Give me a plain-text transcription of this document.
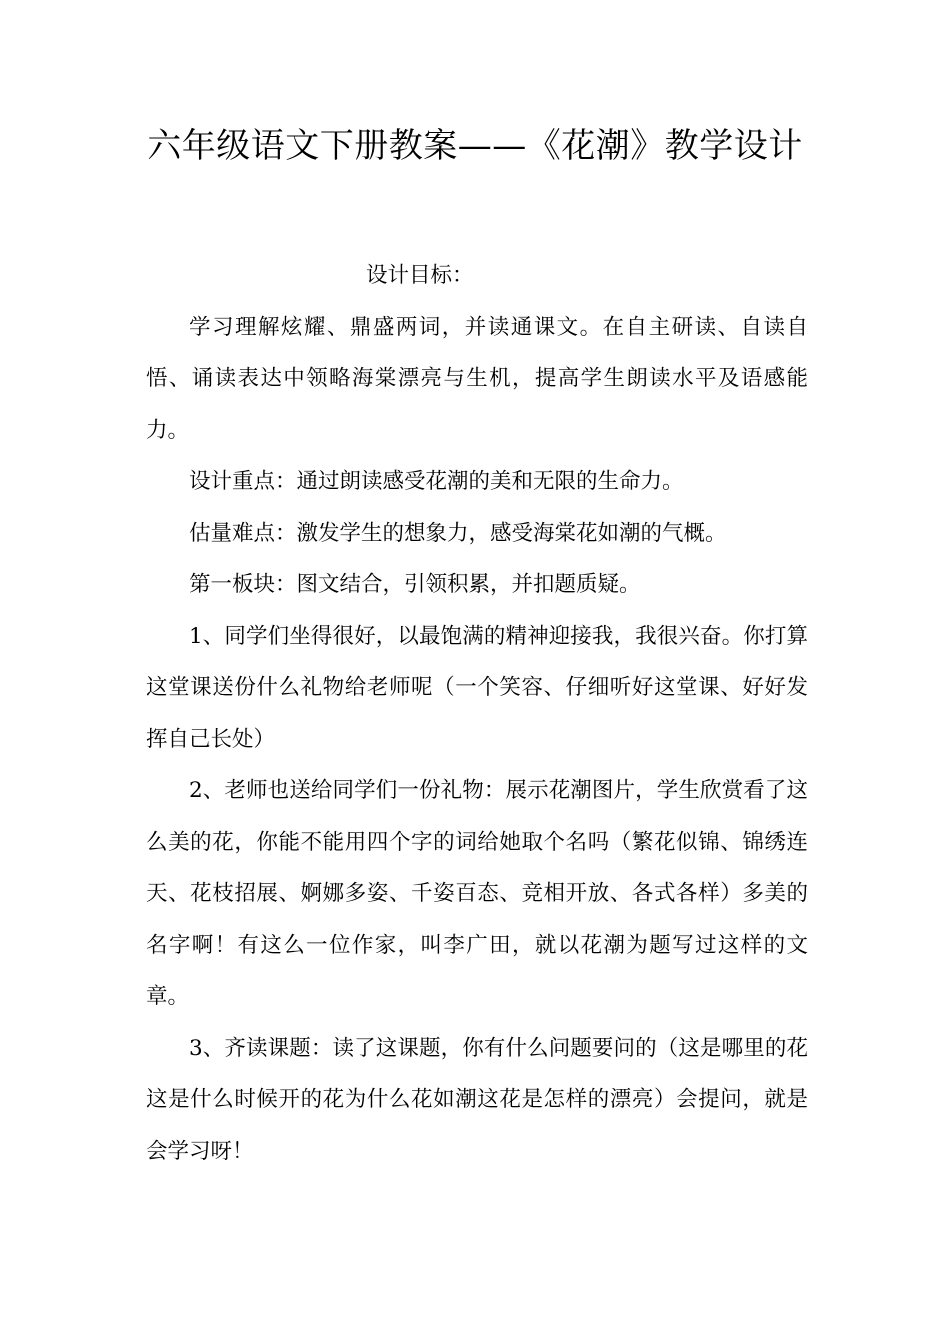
六年级语文下册教案——《花潮》教学设计
设计目标：

学习理解炫耀、鼎盛两词，并读通课文。在自主研读、自读自悟、诵读表达中领略海棠漂亮与生机，提高学生朗读水平及语感能力。

设计重点：通过朗读感受花潮的美和无限的生命力。

估量难点：激发学生的想象力，感受海棠花如潮的气概。

第一板块：图文结合，引领积累，并扣题质疑。

1、同学们坐得很好，以最饱满的精神迎接我，我很兴奋。你打算这堂课送份什么礼物给老师呢（一个笑容、仔细听好这堂课、好好发挥自己长处）

2、老师也送给同学们一份礼物：展示花潮图片，学生欣赏看了这么美的花，你能不能用四个字的词给她取个名吗（繁花似锦、锦绣连天、花枝招展、婀娜多姿、千姿百态、竞相开放、各式各样）多美的名字啊！有这么一位作家，叫李广田，就以花潮为题写过这样的文章。

3、齐读课题：读了这课题，你有什么问题要问的（这是哪里的花这是什么时候开的花为什么花如潮这花是怎样的漂亮）会提问，就是会学习呀！
